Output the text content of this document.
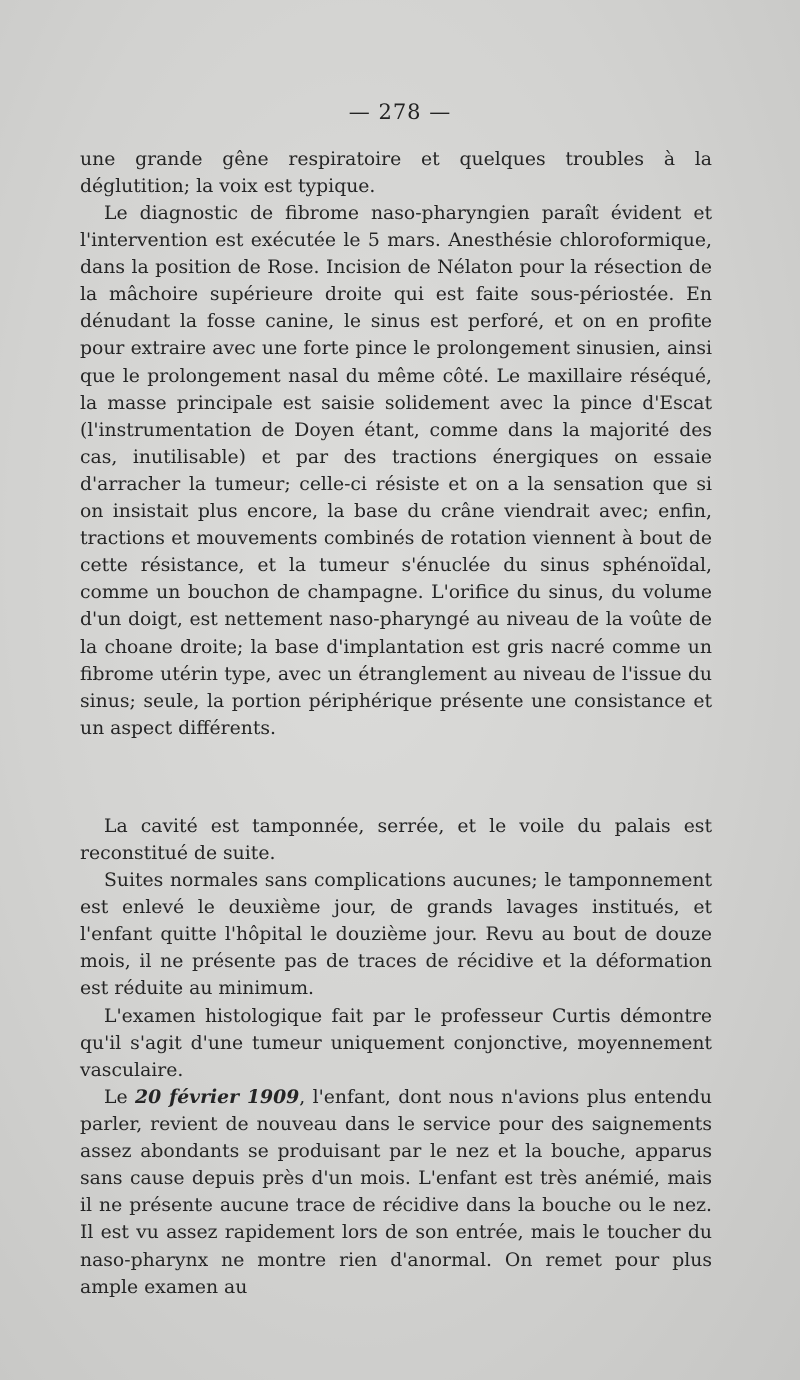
— 278 —

une grande gêne respiratoire et quelques troubles à la déglutition; la voix est typique.

Le diagnostic de fibrome naso-pharyngien paraît évident et l'intervention est exécutée le 5 mars. Anesthésie chloroformique, dans la position de Rose. Incision de Nélaton pour la résection de la mâchoire supérieure droite qui est faite sous-périostée. En dénudant la fosse canine, le sinus est perforé, et on en profite pour extraire avec une forte pince le prolongement sinusien, ainsi que le prolongement nasal du même côté. Le maxillaire réséqué, la masse principale est saisie solidement avec la pince d'Escat (l'instrumentation de Doyen étant, comme dans la majorité des cas, inutilisable) et par des tractions énergiques on essaie d'arracher la tumeur; celle-ci résiste et on a la sensation que si on insistait plus encore, la base du crâne viendrait avec; enfin, tractions et mouvements combinés de rotation viennent à bout de cette résistance, et la tumeur s'énuclée du sinus sphénoïdal, comme un bouchon de champagne. L'orifice du sinus, du volume d'un doigt, est nettement naso-pharyngé au niveau de la voûte de la choane droite; la base d'implantation est gris nacré comme un fibrome utérin type, avec un étranglement au niveau de l'issue du sinus; seule, la portion périphérique présente une consistance et un aspect différents.

La cavité est tamponnée, serrée, et le voile du palais est reconstitué de suite.

Suites normales sans complications aucunes; le tamponnement est enlevé le deuxième jour, de grands lavages institués, et l'enfant quitte l'hôpital le douzième jour. Revu au bout de douze mois, il ne présente pas de traces de récidive et la déformation est réduite au minimum.

L'examen histologique fait par le professeur Curtis démontre qu'il s'agit d'une tumeur uniquement conjonctive, moyennement vasculaire.

Le 20 février 1909, l'enfant, dont nous n'avions plus entendu parler, revient de nouveau dans le service pour des saignements assez abondants se produisant par le nez et la bouche, apparus sans cause depuis près d'un mois. L'enfant est très anémié, mais il ne présente aucune trace de récidive dans la bouche ou le nez. Il est vu assez rapidement lors de son entrée, mais le toucher du naso-pharynx ne montre rien d'anormal. On remet pour plus ample examen au
